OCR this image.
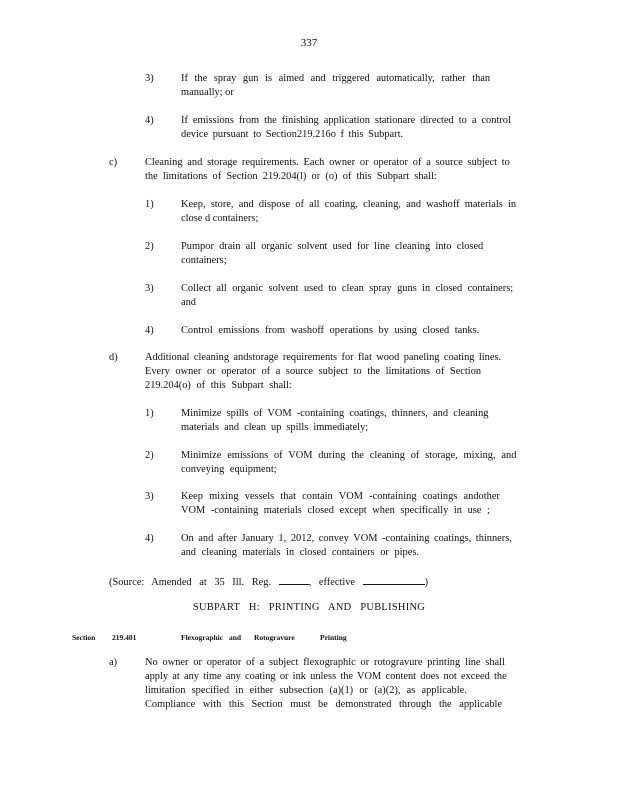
337
3)	If the spray gun is aimed and triggered automatically, rather than
manually; or
4)	If emissions from the finishing application stationare directed to a control
device pursuant to Section219.216o f this Subpart.
c)	Cleaning and storage requirements. Each owner or operator of a source subject to
the limitations of Section 219.204(l) or (o) of this Subpart shall:
1)	Keep, store, and dispose of all coating, cleaning, and washoff materials in
close d containers;
2)	Pumpor drain all organic solvent used for line cleaning into closed
containers;
3)	Collect all organic solvent used to clean spray guns in closed containers;
and
4)	Control emissions from washoff operations by using closed tanks.
d)	Additional cleaning andstorage requirements for flat wood paneling coating lines.
Every owner or operator of a source subject to the limitations of Section
219.204(o) of this Subpart shall:
1)	Minimize spills of VOM -containing coatings, thinners, and cleaning
materials and clean up spills immediately;
2)	Minimize emissions of VOM during the cleaning of storage, mixing, and
conveying equipment;
3)	Keep mixing vessels that contain VOM -containing coatings andother
VOM -containing materials closed except when specifically in use ;
4)	On and after January 1, 2012, convey VOM -containing coatings, thinners,
and cleaning materials in closed containers or pipes.
(Source: Amended at 35 Ill. Reg.	, effective	)
SUBPART H: PRINTING AND PUBLISHING
Section 219.401	Flexographic and Rotogravure	Printing
a)	No owner or operator of a subject flexographic or rotogravure printing line shall
apply at any time any coating or ink unless the VOM content does not exceed the
limitation specified in either subsection (a)(1) or (a)(2), as applicable.
Compliance with this Section must be demonstrated through the applicable
